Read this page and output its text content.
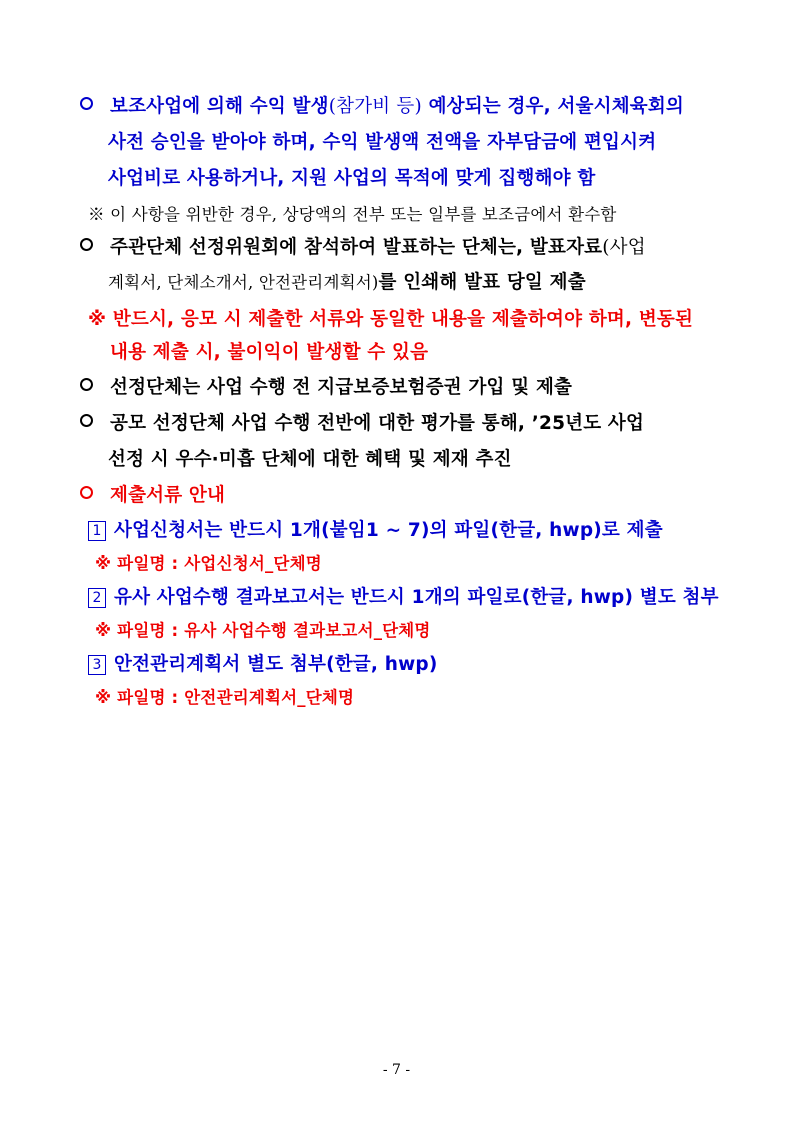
보조사업에 의해 수익 발생(참가비 등) 예상되는 경우, 서울시체육회의
사전 승인을 받아야 하며, 수익 발생액 전액을 자부담금에 편입시켜
사업비로 사용하거나, 지원 사업의 목적에 맞게 집행해야 함
※ 이 사항을 위반한 경우, 상당액의 전부 또는 일부를 보조금에서 환수함
주관단체 선정위원회에 참석하여 발표하는 단체는, 발표자료(사업
계획서, 단체소개서, 안전관리계획서)를 인쇄해 발표 당일 제출
※ 반드시, 응모 시 제출한 서류와 동일한 내용을 제출하여야 하며, 변동된
내용 제출 시, 불이익이 발생할 수 있음
선정단체는 사업 수행 전 지급보증보험증권 가입 및 제출
공모 선정단체 사업 수행 전반에 대한 평가를 통해, ’25년도 사업
선정 시 우수·미흡 단체에 대한 혜택 및 제재 추진
제출서류 안내
1 사업신청서는 반드시 1개(붙임1 ~ 7)의 파일(한글, hwp)로 제출
※ 파일명 : 사업신청서_단체명
2 유사 사업수행 결과보고서는 반드시 1개의 파일로(한글, hwp) 별도 첨부
※ 파일명 : 유사 사업수행 결과보고서_단체명
3 안전관리계획서 별도 첨부(한글, hwp)
※ 파일명 : 안전관리계획서_단체명
- 7 -
